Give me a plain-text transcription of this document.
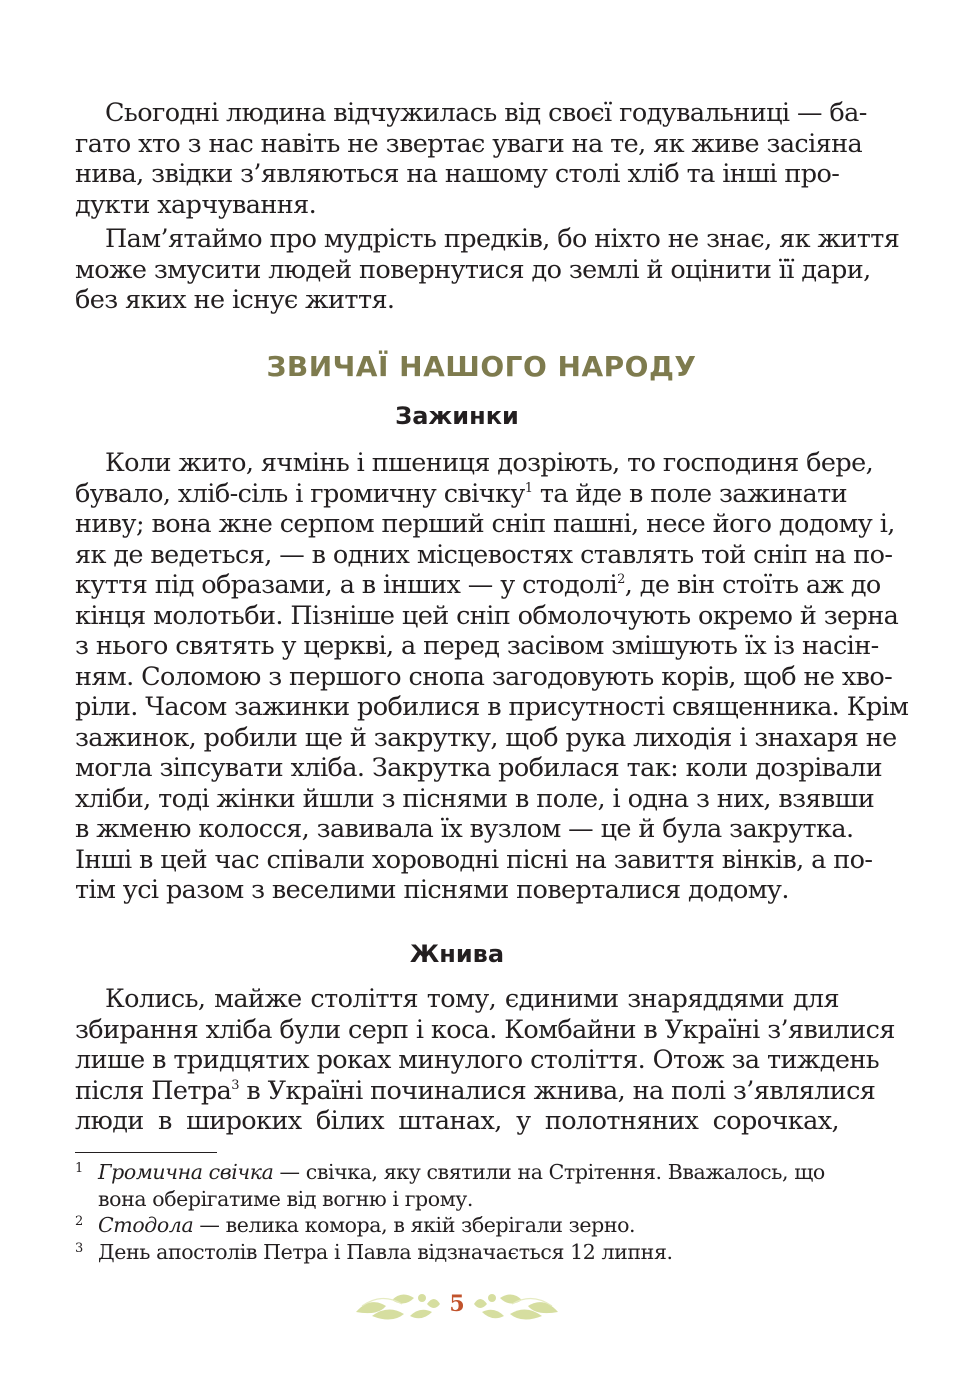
Сьогодні людина відчужилась від своєї годувальниці — ба-
гато хто з нас навіть не звертає уваги на те, як живе засіяна
нива, звідки з’являються на нашому столі хліб та інші про-
дукти харчування.
Пам’ятаймо про мудрість предків, бо ніхто не знає, як життя
може змусити людей повернутися до землі й оцінити її дари,
без яких не існує життя.
ЗВИЧАЇ НАШОГО НАРОДУ
Зажинки
Коли жито, ячмінь і пшениця дозріють, то господиня бере,
бувало, хліб-сіль і громичну свічку$^1$ та йде в поле зажинати
ниву; вона жне серпом перший сніп пашні, несе його додому і,
як де ведеться, — в одних місцевостях ставлять той сніп на по-
куття під образами, а в інших — у стодолі$^2$, де він стоїть аж до
кінця молотьби. Пізніше цей сніп обмолочують окремо й зерна
з нього святять у церкві, а перед засівом змішують їх із насін-
ням. Соломою з першого снопа загодовують корів, щоб не хво-
ріли. Часом зажинки робилися в присутності священника. Крім
зажинок, робили ще й закрутку, щоб рука лиходія і знахаря не
могла зіпсувати хліба. Закрутка робилася так: коли дозрівали
хліби, тоді жінки йшли з піснями в поле, і одна з них, взявши
в жменю колосся, завивала їх вузлом — це й була закрутка.
Інші в цей час співали хороводні пісні на завиття вінків, а по-
тім усі разом з веселими піснями поверталися додому.
Жнива
Колись, майже століття тому, єдиними знаряддями для
збирання хліба були серп і коса. Комбайни в Україні з’явилися
лише в тридцятих роках минулого століття. Отож за тиждень
після Петра$^3$ в Україні починалися жнива, на полі з’являлися
люди в широких білих штанах, у полотняних сорочках,
1 Громична свічка — свічка, яку святили на Стрітення. Вважалось, що
вона оберігатиме від вогню і грому.
2 Стодола — велика комора, в якій зберігали зерно.
3 День апостолів Петра і Павла відзначається 12 липня.
5
